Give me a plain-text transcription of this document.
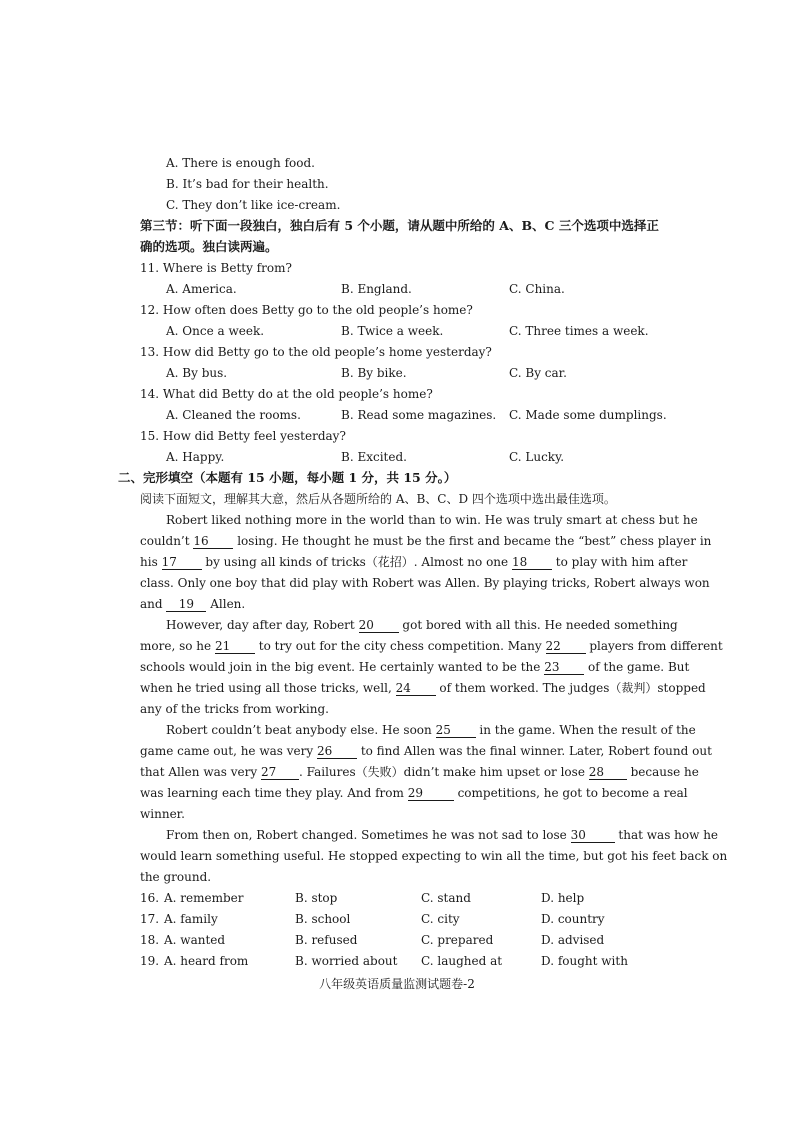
A. There is enough food.
B. It’s bad for their health.
C. They don’t like ice-cream.
第三节：听下面一段独白，独白后有 5 个小题，请从题中所给的 A、B、C 三个选项中选择正
确的选项。独白读两遍。
11. Where is Betty from?
A. America.	B. England.	C. China.
12. How often does Betty go to the old people’s home?
A. Once a week.	B. Twice a week.	C. Three times a week.
13. How did Betty go to the old people’s home yesterday?
A. By bus.	B. By bike.	C. By car.
14. What did Betty do at the old people’s home?
A. Cleaned the rooms.	B. Read some magazines. C. Made some dumplings.
15. How did Betty feel yesterday?
A. Happy.	B. Excited.	C. Lucky.
二、完形填空（本题有 15 小题，每小题 1 分，共 15 分。）
阅读下面短文，理解其大意，然后从各题所给的 A、B、C、D 四个选项中选出最佳选项。
Robert liked nothing more in the world than to win. He was truly smart at chess but he
couldn’t 16 losing. He thought he must be the first and became the “best” chess player in
his 17 by using all kinds of tricks（花招）. Almost no one 18 to play with him after
class. Only one boy that did play with Robert was Allen. By playing tricks, Robert always won
and 19 Allen.
However, day after day, Robert 20 got bored with all this. He needed something
more, so he 21 to try out for the city chess competition. Many 22 players from different
schools would join in the big event. He certainly wanted to be the 23 of the game. But
when he tried using all those tricks, well, 24 of them worked. The judges（裁判）stopped
any of the tricks from working.
Robert couldn’t beat anybody else. He soon 25 in the game. When the result of the
game came out, he was very 26 to find Allen was the final winner. Later, Robert found out
that Allen was very 27 . Failures（失败）didn’t make him upset or lose 28 because he
was learning each time they play. And from 29	competitions, he got to become a real
winner.
From then on, Robert changed. Sometimes he was not sad to lose 30	that was how he
would learn something useful. He stopped expecting to win all the time, but got his feet back on
the ground.
16. A. remember	B. stop	C. stand	D. help
17. A. family	B. school	C. city	D. country
18. A. wanted	B. refused	C. prepared	D. advised
19. A. heard from	B. worried about C. laughed at	D. fought with
八年级英语质量监测试题卷-2
